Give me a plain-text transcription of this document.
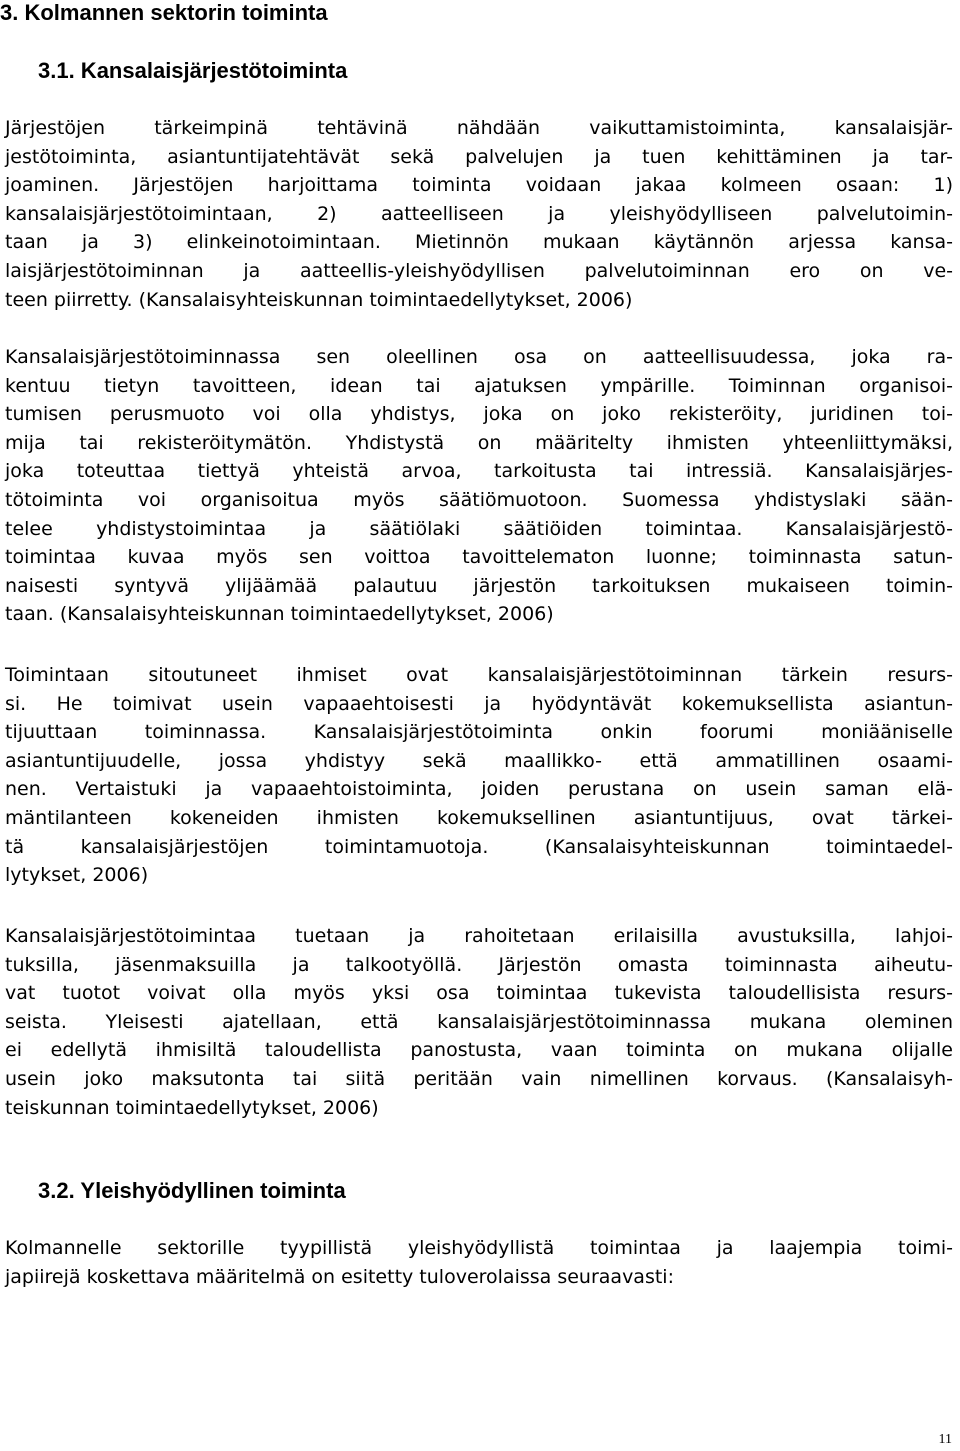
3. Kolmannen sektorin toiminta
3.1. Kansalaisjärjestötoiminta
Järjestöjen tärkeimpinä tehtävinä nähdään vaikuttamistoiminta, kansalaisjär-
jestötoiminta, asiantuntijatehtävät sekä palvelujen ja tuen kehittäminen ja tar-
joaminen. Järjestöjen harjoittama toiminta voidaan jakaa kolmeen osaan: 1)
kansalaisjärjestötoimintaan, 2) aatteelliseen ja yleishyödylliseen palvelutoimin-
taan ja 3) elinkeinotoimintaan. Mietinnön mukaan käytännön arjessa kansa-
laisjärjestötoiminnan ja aatteellis-yleishyödyllisen palvelutoiminnan ero on ve-
teen piirretty. (Kansalaisyhteiskunnan toimintaedellytykset, 2006)
Kansalaisjärjestötoiminnassa sen oleellinen osa on aatteellisuudessa, joka ra-
kentuu tietyn tavoitteen, idean tai ajatuksen ympärille. Toiminnan organisoi-
tumisen perusmuoto voi olla yhdistys, joka on joko rekisteröity, juridinen toi-
mija tai rekisteröitymätön. Yhdistystä on määritelty ihmisten yhteenliittymäksi,
joka toteuttaa tiettyä yhteistä arvoa, tarkoitusta tai intressiä. Kansalaisjärjes-
tötoiminta voi organisoitua myös säätiömuotoon. Suomessa yhdistyslaki sään-
telee yhdistystoimintaa ja säätiölaki säätiöiden toimintaa. Kansalaisjärjestö-
toimintaa kuvaa myös sen voittoa tavoittelematon luonne; toiminnasta satun-
naisesti syntyvä ylijäämää palautuu järjestön tarkoituksen mukaiseen toimin-
taan. (Kansalaisyhteiskunnan toimintaedellytykset, 2006)
Toimintaan sitoutuneet ihmiset ovat kansalaisjärjestötoiminnan tärkein resurs-
si. He toimivat usein vapaaehtoisesti ja hyödyntävät kokemuksellista asiantun-
tijuuttaan toiminnassa. Kansalaisjärjestötoiminta onkin foorumi moniääniselle
asiantuntijuudelle, jossa yhdistyy sekä maallikko- että ammatillinen osaami-
nen. Vertaistuki ja vapaaehtoistoiminta, joiden perustana on usein saman elä-
mäntilanteen kokeneiden ihmisten kokemuksellinen asiantuntijuus, ovat tärkei-
tä kansalaisjärjestöjen toimintamuotoja. (Kansalaisyhteiskunnan toimintaedel-
lytykset, 2006)
Kansalaisjärjestötoimintaa tuetaan ja rahoitetaan erilaisilla avustuksilla, lahjoi-
tuksilla, jäsenmaksuilla ja talkootyöllä. Järjestön omasta toiminnasta aiheutu-
vat tuotot voivat olla myös yksi osa toimintaa tukevista taloudellisista resurs-
seista. Yleisesti ajatellaan, että kansalaisjärjestötoiminnassa mukana oleminen
ei edellytä ihmisiltä taloudellista panostusta, vaan toiminta on mukana olijalle
usein joko maksutonta tai siitä peritään vain nimellinen korvaus. (Kansalaisyh-
teiskunnan toimintaedellytykset, 2006)
3.2. Yleishyödyllinen toiminta
Kolmannelle sektorille tyypillistä yleishyödyllistä toimintaa ja laajempia toimi-
japiirejä koskettava määritelmä on esitetty tuloverolaissa seuraavasti:
11
